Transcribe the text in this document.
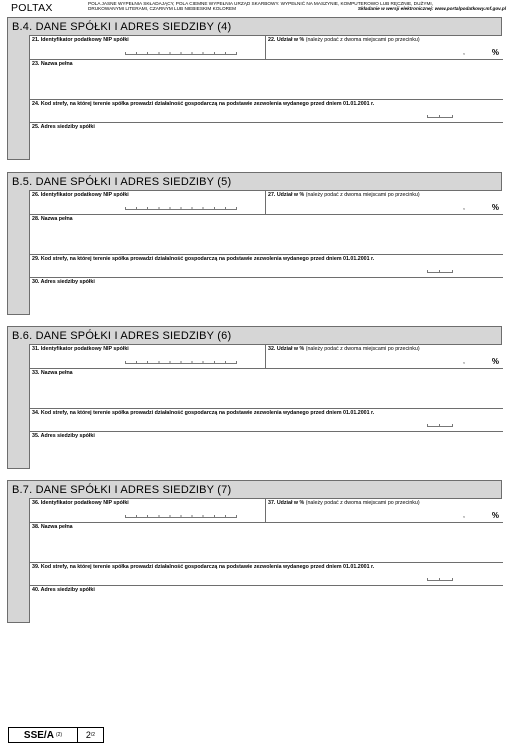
POLTAX	POLA JASNE WYPEŁNIA SKŁADAJĄCY, POLA CIEMNE WYPEŁNIA URZĄD SKARBOWY. WYPEŁNIĆ NA MASZYNIE, KOMPUTEROWO LUB RĘCZNIE, DUŻYMI,
DRUKOWANYMI LITERAMI, CZARNYM LUB NIEBIESKIM KOLOREM	Składanie w wersji elektronicznej: www.portalpodatkowy.mf.gov.pl
B.4. DANE SPÓŁKI I ADRES SIEDZIBY (4)
21. Identyfikator podatkowy NIP spółki	22. Udział w % (należy podać z dwoma miejscami po przecinku)
,	%
23. Nazwa pełna
24. Kod strefy, na której terenie spółka prowadzi działalność gospodarczą na podstawie zezwolenia wydanego przed dniem 01.01.2001 r.
25. Adres siedziby spółki
B.5. DANE SPÓŁKI I ADRES SIEDZIBY (5)
26. Identyfikator podatkowy NIP spółki	27. Udział w % (należy podać z dwoma miejscami po przecinku)
,	%
28. Nazwa pełna
29. Kod strefy, na której terenie spółka prowadzi działalność gospodarczą na podstawie zezwolenia wydanego przed dniem 01.01.2001 r.
30. Adres siedziby spółki
B.6. DANE SPÓŁKI I ADRES SIEDZIBY (6)
31. Identyfikator podatkowy NIP spółki	32. Udział w % (należy podać z dwoma miejscami po przecinku)
,	%
33. Nazwa pełna
34. Kod strefy, na której terenie spółka prowadzi działalność gospodarczą na podstawie zezwolenia wydanego przed dniem 01.01.2001 r.
35. Adres siedziby spółki
B.7. DANE SPÓŁKI I ADRES SIEDZIBY (7)
36. Identyfikator podatkowy NIP spółki	37. Udział w % (należy podać z dwoma miejscami po przecinku)
,	%
38. Nazwa pełna
39. Kod strefy, na której terenie spółka prowadzi działalność gospodarczą na podstawie zezwolenia wydanego przed dniem 01.01.2001 r.
40. Adres siedziby spółki
SSE/A (2)	2 /2
